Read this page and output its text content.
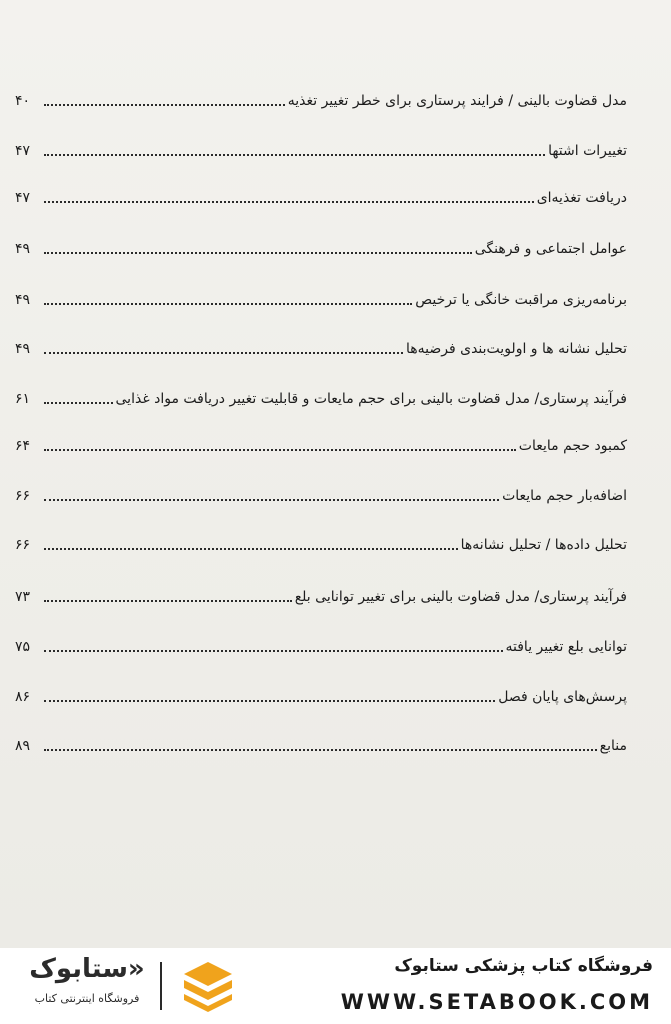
مدل قضاوت بالینی / فرایند پرستاری برای خطر تغییر تغذیه
۴۰
تغییرات اشتها
۴۷
دریافت تغذیه‌ای
۴۷
عوامل اجتماعی و فرهنگی
۴۹
برنامه‌ریزی مراقبت خانگی یا ترخیص
۴۹
تحلیل نشانه ها و اولویت‌بندی فرضیه‌ها
۴۹
فرآیند پرستاری/ مدل قضاوت بالینی برای حجم مایعات و قابلیت تغییر دریافت مواد غذایی
۶۱
کمبود حجم مایعات
۶۴
اضافه‌بار حجم مایعات
۶۶
تحلیل داده‌ها / تحلیل نشانه‌ها
۶۶
فرآیند پرستاری/ مدل قضاوت بالینی برای تغییر توانایی بلع
۷۳
توانایی بلع تغییر یافته
۷۵
پرسش‌های پایان فصل
۸۶
منابع
۸۹
فروشگاه کتاب پزشکی ستابوک
WWW.SETABOOK.COM
«ستابوک
فروشگاه اینترنتی کتاب
